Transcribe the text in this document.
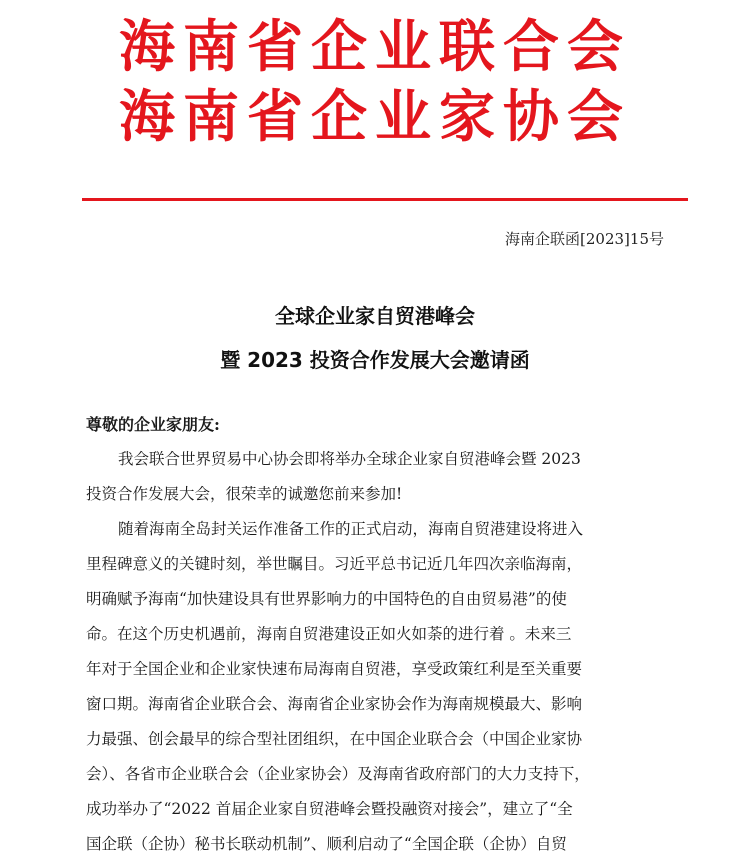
海南省企业联合会
海南省企业家协会
海南企联函[2023]15号
全球企业家自贸港峰会
暨 2023 投资合作发展大会邀请函
尊敬的企业家朋友:
我会联合世界贸易中心协会即将举办全球企业家自贸港峰会暨 2023
投资合作发展大会，很荣幸的诚邀您前来参加!
随着海南全岛封关运作准备工作的正式启动，海南自贸港建设将进入
里程碑意义的关键时刻，举世瞩目。习近平总书记近几年四次亲临海南，
明确赋予海南“加快建设具有世界影响力的中国特色的自由贸易港”的使
命。在这个历史机遇前，海南自贸港建设正如火如荼的进行着 。未来三
年对于全国企业和企业家快速布局海南自贸港，享受政策红利是至关重要
窗口期。海南省企业联合会、海南省企业家协会作为海南规模最大、影响
力最强、创会最早的综合型社团组织，在中国企业联合会（中国企业家协
会）、各省市企业联合会（企业家协会）及海南省政府部门的大力支持下，
成功举办了“2022 首届企业家自贸港峰会暨投融资对接会”，建立了“全
国企联（企协）秘书长联动机制”、顺利启动了“全国企联（企协）自贸
